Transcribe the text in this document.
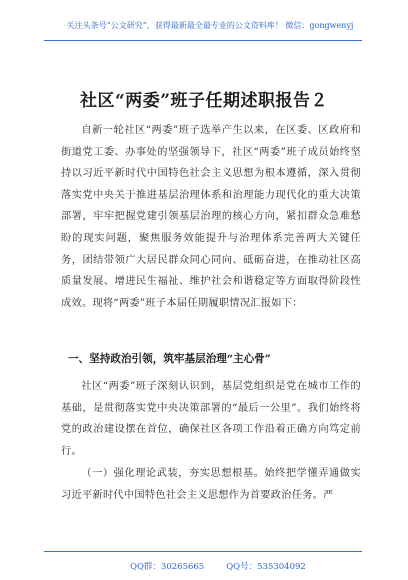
关注头条号“公文研究”，获得最新最全最专业的公文资料库！ 微信：gongwenyj
社区“两委”班子任期述职报告２
自新一轮社区“两委”班子选举产生以来，在区委、区政府和街道党工委、办事处的坚强领导下，社区“两委”班子成员始终坚持以习近平新时代中国特色社会主义思想为根本遵循，深入贯彻落实党中央关于推进基层治理体系和治理能力现代化的重大决策部署，牢牢把握党建引领基层治理的核心方向，紧扣群众急难愁盼的现实问题，聚焦服务效能提升与治理体系完善两大关键任务，团结带领广大居民群众同心同向、砥砺奋进，在推动社区高质量发展、增进民生福祉、维护社会和谐稳定等方面取得阶段性成效。现将“两委”班子本届任期履职情况汇报如下：
一、坚持政治引领，筑牢基层治理“主心骨”
社区“两委”班子深刻认识到，基层党组织是党在城市工作的基础，是贯彻落实党中央决策部署的“最后一公里”。我们始终将党的政治建设摆在首位，确保社区各项工作沿着正确方向笃定前行。
（一）强化理论武装，夯实思想根基。始终把学懂弄通做实习近平新时代中国特色社会主义思想作为首要政治任务。严
QQ群：30265665	QQ号：535304092
